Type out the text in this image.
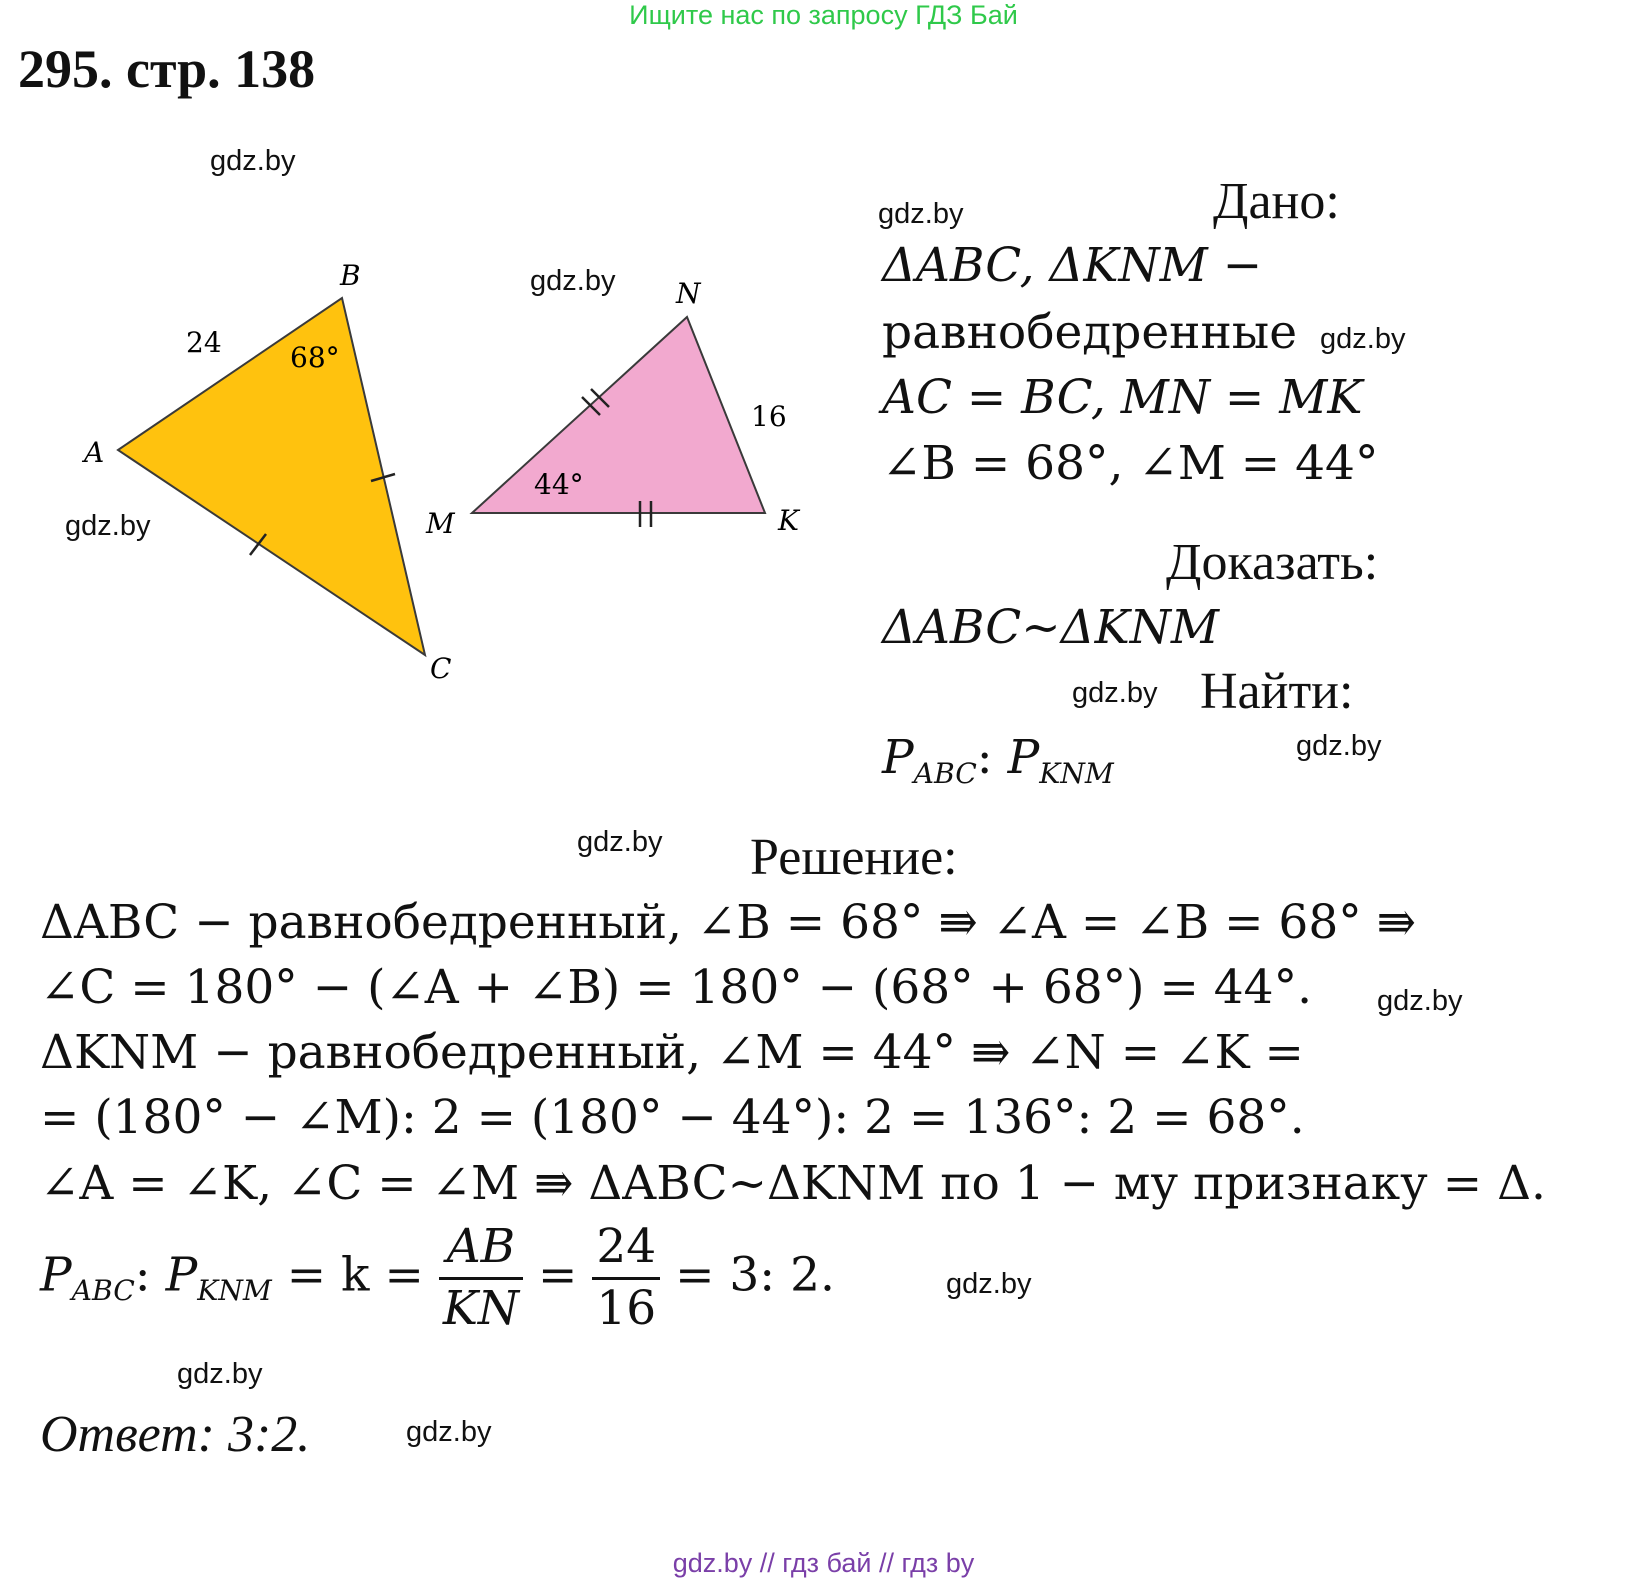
Ищите нас по запросу ГДЗ Бай
295. стр. 138
gdz.by
gdz.by
gdz.by
gdz.by
gdz.by
gdz.by
gdz.by
gdz.by
gdz.by
gdz.by
gdz.by
gdz.by
A
B
C
24 68°
M
N
K
16
44°
Дано:
ΔABC, ΔKNM −
равнобедренные
AC = BC, MN = MK
∠B = 68°, ∠M = 44°
Доказать:
ΔABC~ΔKNM
Найти:
$P_{ABC}$: $P_{KNM}$
Решение:
ΔABC − равнобедренный, ∠B = 68° ⇛ ∠A = ∠B = 68° ⇛
∠C = 180° − (∠A + ∠B) = 180° − (68° + 68°) = 44°.
ΔKNM − равнобедренный, ∠M = 44° ⇛ ∠N = ∠K =
= (180° − ∠M): 2 = (180° − 44°): 2 = 136°: 2 = 68°.
∠A = ∠K, ∠C = ∠M ⇛ ΔABC~ΔKNM по 1 − му признаку = Δ.
$P_{ABC}$: $P_{KNM} = k = \frac{AB}{KN} = \frac{24}{16} = 3$: 2.
Ответ: 3:2.
gdz.by // гдз бай // гдз by
